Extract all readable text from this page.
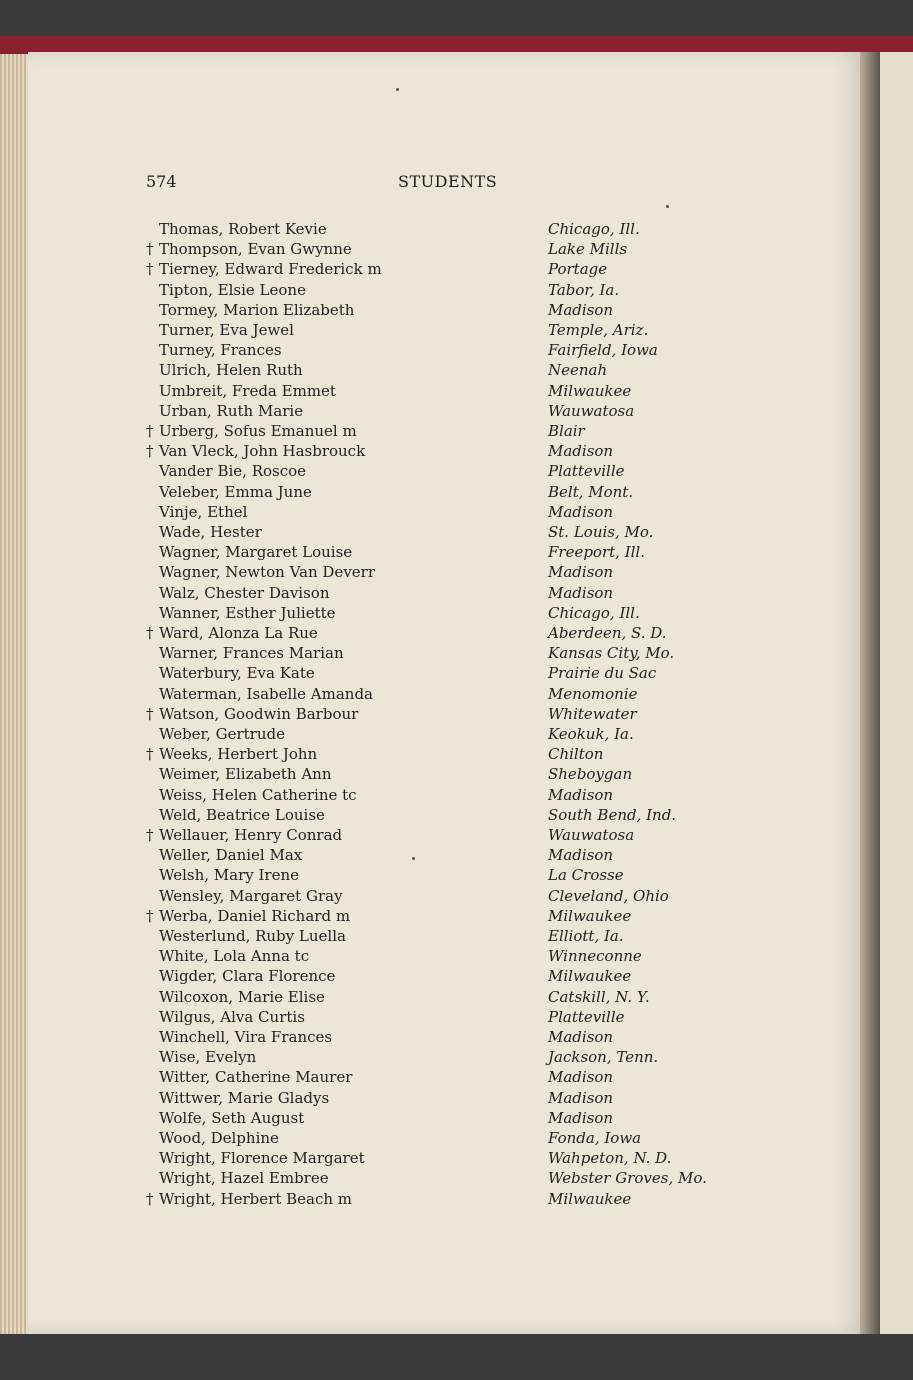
574	STUDENTS
Thomas, Robert Kevie	Chicago, Ill.
† Thompson, Evan Gwynne	Lake Mills
† Tierney, Edward Frederick m	Portage
Tipton, Elsie Leone	Tabor, Ia.
Tormey, Marion Elizabeth	Madison
Turner, Eva Jewel	Temple, Ariz.
Turney, Frances	Fairfield, Iowa
Ulrich, Helen Ruth	Neenah
Umbreit, Freda Emmet	Milwaukee
Urban, Ruth Marie	Wauwatosa
† Urberg, Sofus Emanuel m	Blair
† Van Vleck, John Hasbrouck	Madison
Vander Bie, Roscoe	Platteville
Veleber, Emma June	Belt, Mont.
Vinje, Ethel	Madison
Wade, Hester	St. Louis, Mo.
Wagner, Margaret Louise	Freeport, Ill.
Wagner, Newton Van Deverr	Madison
Walz, Chester Davison	Madison
Wanner, Esther Juliette	Chicago, Ill.
† Ward, Alonza La Rue	Aberdeen, S. D.
Warner, Frances Marian	Kansas City, Mo.
Waterbury, Eva Kate	Prairie du Sac
Waterman, Isabelle Amanda	Menomonie
† Watson, Goodwin Barbour	Whitewater
Weber, Gertrude	Keokuk, Ia.
† Weeks, Herbert John	Chilton
Weimer, Elizabeth Ann	Sheboygan
Weiss, Helen Catherine tc	Madison
Weld, Beatrice Louise	South Bend, Ind.
† Wellauer, Henry Conrad	Wauwatosa
Weller, Daniel Max	Madison
Welsh, Mary Irene	La Crosse
Wensley, Margaret Gray	Cleveland, Ohio
† Werba, Daniel Richard m	Milwaukee
Westerlund, Ruby Luella	Elliott, Ia.
White, Lola Anna tc	Winneconne
Wigder, Clara Florence	Milwaukee
Wilcoxon, Marie Elise	Catskill, N. Y.
Wilgus, Alva Curtis	Platteville
Winchell, Vira Frances	Madison
Wise, Evelyn	Jackson, Tenn.
Witter, Catherine Maurer	Madison
Wittwer, Marie Gladys	Madison
Wolfe, Seth August	Madison
Wood, Delphine	Fonda, Iowa
Wright, Florence Margaret	Wahpeton, N. D.
Wright, Hazel Embree	Webster Groves, Mo.
† Wright, Herbert Beach m	Milwaukee
